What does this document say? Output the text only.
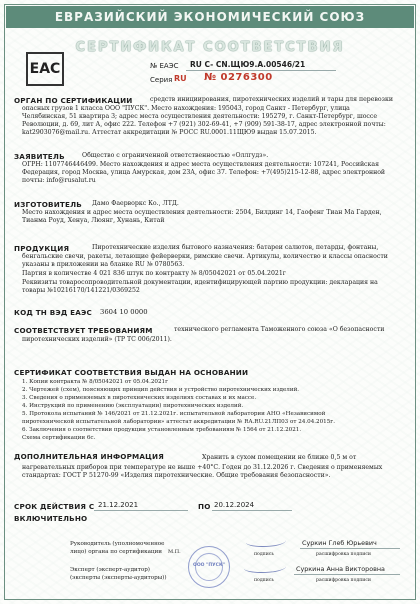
ЕВРАЗИЙСКИЙ ЭКОНОМИЧЕСКИЙ СОЮЗ
СЕРТИФИКАТ СООТВЕТСТВИЯ
ЕАС	№ ЕАЭС RU C- CN.ЩЮ9.А.00546/21
Серия RU № 0276300
ОРГАН ПО СЕРТИФИКАЦИИ	средств инициирования, пиротехнических изделий и тары для перевозки
опасных грузов 1 класса ООО "ПУСК". Место нахождения: 195043, город Санкт - Петербург, улица
Челябинская, 51 квартира 3; адрес места осуществления деятельности: 195279, г. Санкт-Петербург, шоссе
Революции, д. 69, лит А, офис 222. Телефон +7 (921) 302-69-41, +7 (909) 591-38-17, адрес электронной почты:
kat2903076@mail.ru. Аттестат аккредитации № РОСС RU.0001.11ЩЮ9 выдан 15.07.2015.
ЗАЯВИТЕЛЬ	Общество с ограниченной ответственностью «Оллгудз».
ОГРН: 1107746446499. Место нахождения и адрес места осуществления деятельности: 107241, Российская
Федерация, город Москва, улица Амурская, дом 23А, офис 37. Телефон: +7(495)215-12-88, адрес электронной
почты: info@rusalut.ru
ИЗГОТОВИТЕЛЬ Дамо Фаерворкс Ко., ЛТД.
Место нахождения и адрес места осуществления деятельности: 2504, Билдинг 14, Гаофенг Тиан Ма Гарден,
Тианма Роуд, Хенуа, Люянг, Хунань, Китай
ПРОДУКЦИЯ	Пиротехнические изделия бытового назначения: батареи салютов, петарды, фонтаны,
бенгальские свечи, ракеты, летающие фейерверки, римские свечи. Артикулы, количество и классы опасности
указаны в приложении на бланке RU № 0780563.
Партия в количестве 4 021 836 штук по контракту № 8/05042021 от 05.04.2021г
Реквизиты товаросопроводительной документации, идентифицирующей партию продукции: декларация на
товары №10216170/141221/0369252
КОД ТН ВЭД ЕАЭС 3604 10 0000
СООТВЕТСТВУЕТ ТРЕБОВАНИЯМ	технического регламента Таможенного союза «О безопасности
пиротехнических изделий» (ТР ТС 006/2011).
СЕРТИФИКАТ СООТВЕТСТВИЯ ВЫДАН НА ОСНОВАНИИ
1. Копии контракта № 8/05042021 от 05.04.2021г
2. Чертежей (схем), поясняющих принцип действия и устройство пиротехнических изделий.
3. Сведения о применяемых в пиротехнических изделиях составах и их массе.
4. Инструкций по применению (эксплуатации) пиротехнических изделий.
5. Протокола испытаний № 146/2021 от 21.12.2021г. испытательной лаборатории АНО «Независимой
пиротехнической испытательной лаборатории» аттестат аккредитации № RA.RU.21ЛП03 от 24.04.2015г.
6. Заключения о соответствии продукции установленным требованиям № 1564 от 21.12.2021.
Схема сертификации 6с.
ДОПОЛНИТЕЛЬНАЯ ИНФОРМАЦИЯ	Хранить в сухом помещении не ближе 0,5 м от
нагревательных приборов при температуре не выше +40°С. Годен до 31.12.2026 г. Сведения о применяемых
стандартах: ГОСТ Р 51270-99 «Изделия пиротехнические. Общие требования безопасности».
СРОК ДЕЙСТВИЯ С 21.12.2021	ПО 20.12.2024
ВКЛЮЧИТЕЛЬНО
Руководитель (уполномоченное
лицо) органа по сертификации
Суркин Глеб Юрьевич
подпись	расшифровка подписи
Эксперт (эксперт-аудитор)
(эксперты (эксперты-аудиторы))
Суркина Анна Викторовна
подпись	расшифровка подписи
ООО "ПУСК"
М.П.
